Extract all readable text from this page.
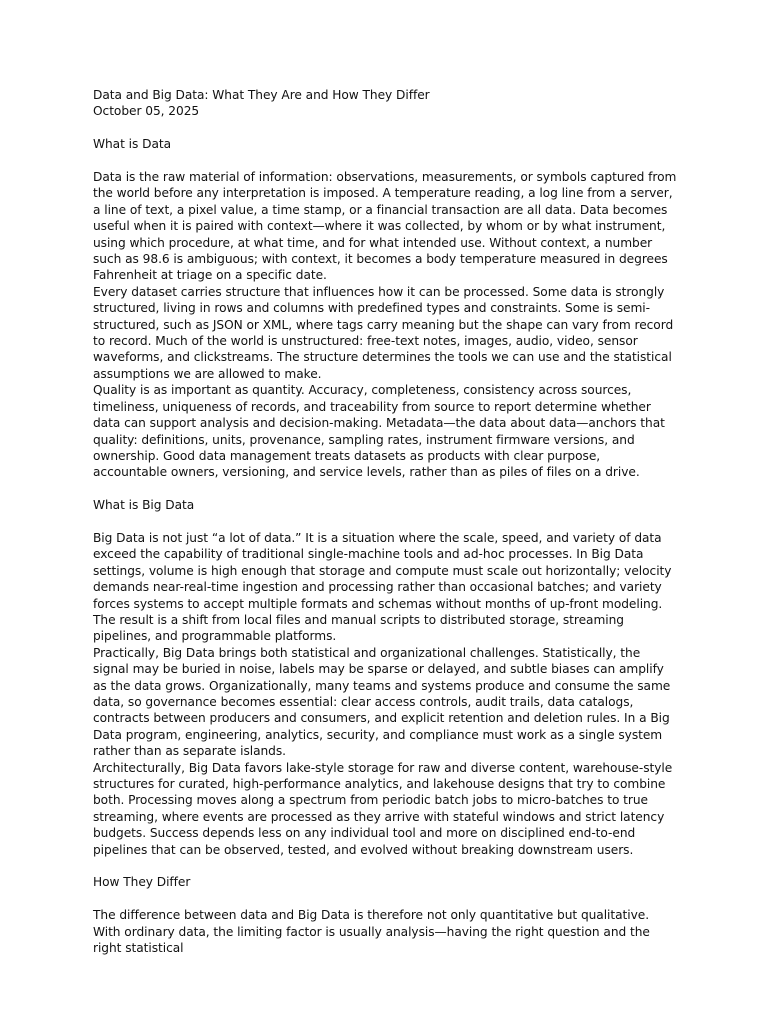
Data and Big Data: What They Are and How They Differ

October 05, 2025

What is Data

Data is the raw material of information: observations, measurements, or symbols captured from the world before any interpretation is imposed. A temperature reading, a log line from a server, a line of text, a pixel value, a time stamp, or a financial transaction are all data. Data becomes useful when it is paired with context—where it was collected, by whom or by what instrument, using which procedure, at what time, and for what intended use. Without context, a number such as 98.6 is ambiguous; with context, it becomes a body temperature measured in degrees Fahrenheit at triage on a specific date.

Every dataset carries structure that influences how it can be processed. Some data is strongly structured, living in rows and columns with predefined types and constraints. Some is semi-structured, such as JSON or XML, where tags carry meaning but the shape can vary from record to record. Much of the world is unstructured: free-text notes, images, audio, video, sensor waveforms, and clickstreams. The structure determines the tools we can use and the statistical assumptions we are allowed to make.

Quality is as important as quantity. Accuracy, completeness, consistency across sources, timeliness, uniqueness of records, and traceability from source to report determine whether data can support analysis and decision-making. Metadata—the data about data—anchors that quality: definitions, units, provenance, sampling rates, instrument firmware versions, and ownership. Good data management treats datasets as products with clear purpose, accountable owners, versioning, and service levels, rather than as piles of files on a drive.

What is Big Data

Big Data is not just “a lot of data.” It is a situation where the scale, speed, and variety of data exceed the capability of traditional single-machine tools and ad-hoc processes. In Big Data settings, volume is high enough that storage and compute must scale out horizontally; velocity demands near-real-time ingestion and processing rather than occasional batches; and variety forces systems to accept multiple formats and schemas without months of up-front modeling. The result is a shift from local files and manual scripts to distributed storage, streaming pipelines, and programmable platforms.

Practically, Big Data brings both statistical and organizational challenges. Statistically, the signal may be buried in noise, labels may be sparse or delayed, and subtle biases can amplify as the data grows. Organizationally, many teams and systems produce and consume the same data, so governance becomes essential: clear access controls, audit trails, data catalogs, contracts between producers and consumers, and explicit retention and deletion rules. In a Big Data program, engineering, analytics, security, and compliance must work as a single system rather than as separate islands.

Architecturally, Big Data favors lake-style storage for raw and diverse content, warehouse-style structures for curated, high-performance analytics, and lakehouse designs that try to combine both. Processing moves along a spectrum from periodic batch jobs to micro-batches to true streaming, where events are processed as they arrive with stateful windows and strict latency budgets. Success depends less on any individual tool and more on disciplined end-to-end pipelines that can be observed, tested, and evolved without breaking downstream users.

How They Differ

The difference between data and Big Data is therefore not only quantitative but qualitative. With ordinary data, the limiting factor is usually analysis—having the right question and the right statistical
